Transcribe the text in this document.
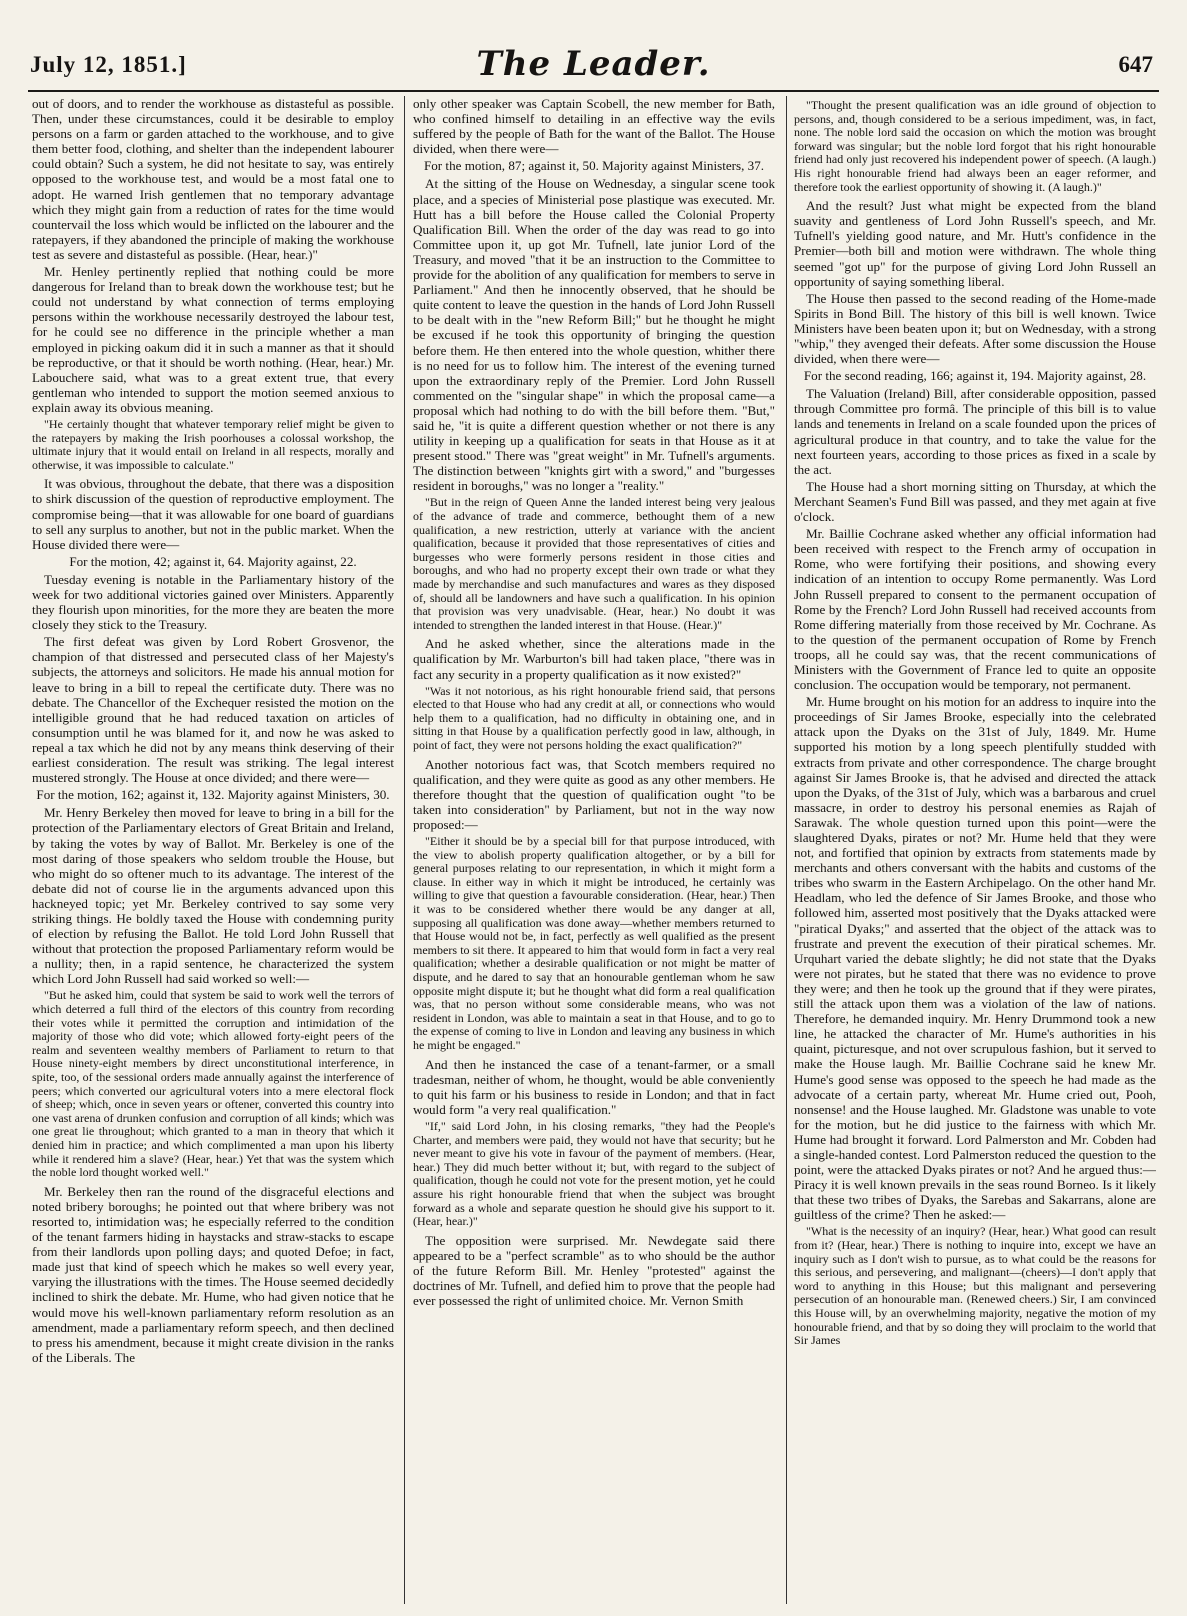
July 12, 1851.]	The Leader.	647

out of doors, and to render the workhouse as distasteful as possible. Then, under these circumstances, could it be desirable to employ persons on a farm or garden attached to the workhouse, and to give them better food, clothing, and shelter than the independent labourer could obtain? Such a system, he did not hesitate to say, was entirely opposed to the workhouse test, and would be a most fatal one to adopt. He warned Irish gentlemen that no temporary advantage which they might gain from a reduction of rates for the time would countervail the loss which would be inflicted on the labourer and the ratepayers, if they abandoned the principle of making the workhouse test as severe and distasteful as possible. (Hear, hear.)"

Mr. Henley pertinently replied that nothing could be more dangerous for Ireland than to break down the workhouse test; but he could not understand by what connection of terms employing persons within the workhouse necessarily destroyed the labour test, for he could see no difference in the principle whether a man employed in picking oakum did it in such a manner as that it should be reproductive, or that it should be worth nothing. (Hear, hear.) Mr. Labouchere said, what was to a great extent true, that every gentleman who intended to support the motion seemed anxious to explain away its obvious meaning.

"He certainly thought that whatever temporary relief might be given to the ratepayers by making the Irish poorhouses a colossal workshop, the ultimate injury that it would entail on Ireland in all respects, morally and otherwise, it was impossible to calculate."

It was obvious, throughout the debate, that there was a disposition to shirk discussion of the question of reproductive employment. The compromise being—that it was allowable for one board of guardians to sell any surplus to another, but not in the public market. When the House divided there were—

For the motion, 42; against it, 64. Majority against, 22.

Tuesday evening is notable in the Parliamentary history of the week for two additional victories gained over Ministers. Apparently they flourish upon minorities, for the more they are beaten the more closely they stick to the Treasury.

The first defeat was given by Lord Robert Grosvenor, the champion of that distressed and persecuted class of her Majesty's subjects, the attorneys and solicitors. He made his annual motion for leave to bring in a bill to repeal the certificate duty. There was no debate. The Chancellor of the Exchequer resisted the motion on the intelligible ground that he had reduced taxation on articles of consumption until he was blamed for it, and now he was asked to repeal a tax which he did not by any means think deserving of their earliest consideration. The result was striking. The legal interest mustered strongly. The House at once divided; and there were—

For the motion, 162; against it, 132. Majority against Ministers, 30.

Mr. Henry Berkeley then moved for leave to bring in a bill for the protection of the Parliamentary electors of Great Britain and Ireland, by taking the votes by way of Ballot. Mr. Berkeley is one of the most daring of those speakers who seldom trouble the House, but who might do so oftener much to its advantage. The interest of the debate did not of course lie in the arguments advanced upon this hackneyed topic; yet Mr. Berkeley contrived to say some very striking things. He boldly taxed the House with condemning purity of election by refusing the Ballot. He told Lord John Russell that without that protection the proposed Parliamentary reform would be a nullity; then, in a rapid sentence, he characterized the system which Lord John Russell had said worked so well:—

"But he asked him, could that system be said to work well the terrors of which deterred a full third of the electors of this country from recording their votes while it permitted the corruption and intimidation of the majority of those who did vote; which allowed forty-eight peers of the realm and seventeen wealthy members of Parliament to return to that House ninety-eight members by direct unconstitutional interference, in spite, too, of the sessional orders made annually against the interference of peers; which converted our agricultural voters into a mere electoral flock of sheep; which, once in seven years or oftener, converted this country into one vast arena of drunken confusion and corruption of all kinds; which was one great lie throughout; which granted to a man in theory that which it denied him in practice; and which complimented a man upon his liberty while it rendered him a slave? (Hear, hear.) Yet that was the system which the noble lord thought worked well."

Mr. Berkeley then ran the round of the disgraceful elections and noted bribery boroughs; he pointed out that where bribery was not resorted to, intimidation was; he especially referred to the condition of the tenant farmers hiding in haystacks and straw-stacks to escape from their landlords upon polling days; and quoted Defoe; in fact, made just that kind of speech which he makes so well every year, varying the illustrations with the times. The House seemed decidedly inclined to shirk the debate. Mr. Hume, who had given notice that he would move his well-known parliamentary reform resolution as an amendment, made a parliamentary reform speech, and then declined to press his amendment, because it might create division in the ranks of the Liberals. The

only other speaker was Captain Scobell, the new member for Bath, who confined himself to detailing in an effective way the evils suffered by the people of Bath for the want of the Ballot. The House divided, when there were—

For the motion, 87; against it, 50. Majority against Ministers, 37.

At the sitting of the House on Wednesday, a singular scene took place, and a species of Ministerial pose plastique was executed. Mr. Hutt has a bill before the House called the Colonial Property Qualification Bill. When the order of the day was read to go into Committee upon it, up got Mr. Tufnell, late junior Lord of the Treasury, and moved "that it be an instruction to the Committee to provide for the abolition of any qualification for members to serve in Parliament." And then he innocently observed, that he should be quite content to leave the question in the hands of Lord John Russell to be dealt with in the "new Reform Bill;" but he thought he might be excused if he took this opportunity of bringing the question before them. He then entered into the whole question, whither there is no need for us to follow him. The interest of the evening turned upon the extraordinary reply of the Premier. Lord John Russell commented on the "singular shape" in which the proposal came—a proposal which had nothing to do with the bill before them. "But," said he, "it is quite a different question whether or not there is any utility in keeping up a qualification for seats in that House as it at present stood." There was "great weight" in Mr. Tufnell's arguments. The distinction between "knights girt with a sword," and "burgesses resident in boroughs," was no longer a "reality."

"But in the reign of Queen Anne the landed interest being very jealous of the advance of trade and commerce, bethought them of a new qualification, a new restriction, utterly at variance with the ancient qualification, because it provided that those representatives of cities and burgesses who were formerly persons resident in those cities and boroughs, and who had no property except their own trade or what they made by merchandise and such manufactures and wares as they disposed of, should all be landowners and have such a qualification. In his opinion that provision was very unadvisable. (Hear, hear.) No doubt it was intended to strengthen the landed interest in that House. (Hear.)"

And he asked whether, since the alterations made in the qualification by Mr. Warburton's bill had taken place, "there was in fact any security in a property qualification as it now existed?"

"Was it not notorious, as his right honourable friend said, that persons elected to that House who had any credit at all, or connections who would help them to a qualification, had no difficulty in obtaining one, and in sitting in that House by a qualification perfectly good in law, although, in point of fact, they were not persons holding the exact qualification?"

Another notorious fact was, that Scotch members required no qualification, and they were quite as good as any other members. He therefore thought that the question of qualification ought "to be taken into consideration" by Parliament, but not in the way now proposed:—

"Either it should be by a special bill for that purpose introduced, with the view to abolish property qualification altogether, or by a bill for general purposes relating to our representation, in which it might form a clause. In either way in which it might be introduced, he certainly was willing to give that question a favourable consideration. (Hear, hear.) Then it was to be considered whether there would be any danger at all, supposing all qualification was done away—whether members returned to that House would not be, in fact, perfectly as well qualified as the present members to sit there. It appeared to him that would form in fact a very real qualification; whether a desirable qualification or not might be matter of dispute, and he dared to say that an honourable gentleman whom he saw opposite might dispute it; but he thought what did form a real qualification was, that no person without some considerable means, who was not resident in London, was able to maintain a seat in that House, and to go to the expense of coming to live in London and leaving any business in which he might be engaged."

And then he instanced the case of a tenant-farmer, or a small tradesman, neither of whom, he thought, would be able conveniently to quit his farm or his business to reside in London; and that in fact would form "a very real qualification."

"If," said Lord John, in his closing remarks, "they had the People's Charter, and members were paid, they would not have that security; but he never meant to give his vote in favour of the payment of members. (Hear, hear.) They did much better without it; but, with regard to the subject of qualification, though he could not vote for the present motion, yet he could assure his right honourable friend that when the subject was brought forward as a whole and separate question he should give his support to it. (Hear, hear.)"

The opposition were surprised. Mr. Newdegate said there appeared to be a "perfect scramble" as to who should be the author of the future Reform Bill. Mr. Henley "protested" against the doctrines of Mr. Tufnell, and defied him to prove that the people had ever possessed the right of unlimited choice. Mr. Vernon Smith

"Thought the present qualification was an idle ground of objection to persons, and, though considered to be a serious impediment, was, in fact, none. The noble lord said the occasion on which the motion was brought forward was singular; but the noble lord forgot that his right honourable friend had only just recovered his independent power of speech. (A laugh.) His right honourable friend had always been an eager reformer, and therefore took the earliest opportunity of showing it. (A laugh.)"

And the result? Just what might be expected from the bland suavity and gentleness of Lord John Russell's speech, and Mr. Tufnell's yielding good nature, and Mr. Hutt's confidence in the Premier—both bill and motion were withdrawn. The whole thing seemed "got up" for the purpose of giving Lord John Russell an opportunity of saying something liberal.

The House then passed to the second reading of the Home-made Spirits in Bond Bill. The history of this bill is well known. Twice Ministers have been beaten upon it; but on Wednesday, with a strong "whip," they avenged their defeats. After some discussion the House divided, when there were—

For the second reading, 166; against it, 194. Majority against, 28.

The Valuation (Ireland) Bill, after considerable opposition, passed through Committee pro formâ. The principle of this bill is to value lands and tenements in Ireland on a scale founded upon the prices of agricultural produce in that country, and to take the value for the next fourteen years, according to those prices as fixed in a scale by the act.

The House had a short morning sitting on Thursday, at which the Merchant Seamen's Fund Bill was passed, and they met again at five o'clock.

Mr. Baillie Cochrane asked whether any official information had been received with respect to the French army of occupation in Rome, who were fortifying their positions, and showing every indication of an intention to occupy Rome permanently. Was Lord John Russell prepared to consent to the permanent occupation of Rome by the French? Lord John Russell had received accounts from Rome differing materially from those received by Mr. Cochrane. As to the question of the permanent occupation of Rome by French troops, all he could say was, that the recent communications of Ministers with the Government of France led to quite an opposite conclusion. The occupation would be temporary, not permanent.

Mr. Hume brought on his motion for an address to inquire into the proceedings of Sir James Brooke, especially into the celebrated attack upon the Dyaks on the 31st of July, 1849. Mr. Hume supported his motion by a long speech plentifully studded with extracts from private and other correspondence. The charge brought against Sir James Brooke is, that he advised and directed the attack upon the Dyaks, of the 31st of July, which was a barbarous and cruel massacre, in order to destroy his personal enemies as Rajah of Sarawak. The whole question turned upon this point—were the slaughtered Dyaks, pirates or not? Mr. Hume held that they were not, and fortified that opinion by extracts from statements made by merchants and others conversant with the habits and customs of the tribes who swarm in the Eastern Archipelago. On the other hand Mr. Headlam, who led the defence of Sir James Brooke, and those who followed him, asserted most positively that the Dyaks attacked were "piratical Dyaks;" and asserted that the object of the attack was to frustrate and prevent the execution of their piratical schemes. Mr. Urquhart varied the debate slightly; he did not state that the Dyaks were not pirates, but he stated that there was no evidence to prove they were; and then he took up the ground that if they were pirates, still the attack upon them was a violation of the law of nations. Therefore, he demanded inquiry. Mr. Henry Drummond took a new line, he attacked the character of Mr. Hume's authorities in his quaint, picturesque, and not over scrupulous fashion, but it served to make the House laugh. Mr. Baillie Cochrane said he knew Mr. Hume's good sense was opposed to the speech he had made as the advocate of a certain party, whereat Mr. Hume cried out, Pooh, nonsense! and the House laughed. Mr. Gladstone was unable to vote for the motion, but he did justice to the fairness with which Mr. Hume had brought it forward. Lord Palmerston and Mr. Cobden had a single-handed contest. Lord Palmerston reduced the question to the point, were the attacked Dyaks pirates or not? And he argued thus:—Piracy it is well known prevails in the seas round Borneo. Is it likely that these two tribes of Dyaks, the Sarebas and Sakarrans, alone are guiltless of the crime? Then he asked:—

"What is the necessity of an inquiry? (Hear, hear.) What good can result from it? (Hear, hear.) There is nothing to inquire into, except we have an inquiry such as I don't wish to pursue, as to what could be the reasons for this serious, and persevering, and malignant—(cheers)—I don't apply that word to anything in this House; but this malignant and persevering persecution of an honourable man. (Renewed cheers.) Sir, I am convinced this House will, by an overwhelming majority, negative the motion of my honourable friend, and that by so doing they will proclaim to the world that Sir James
